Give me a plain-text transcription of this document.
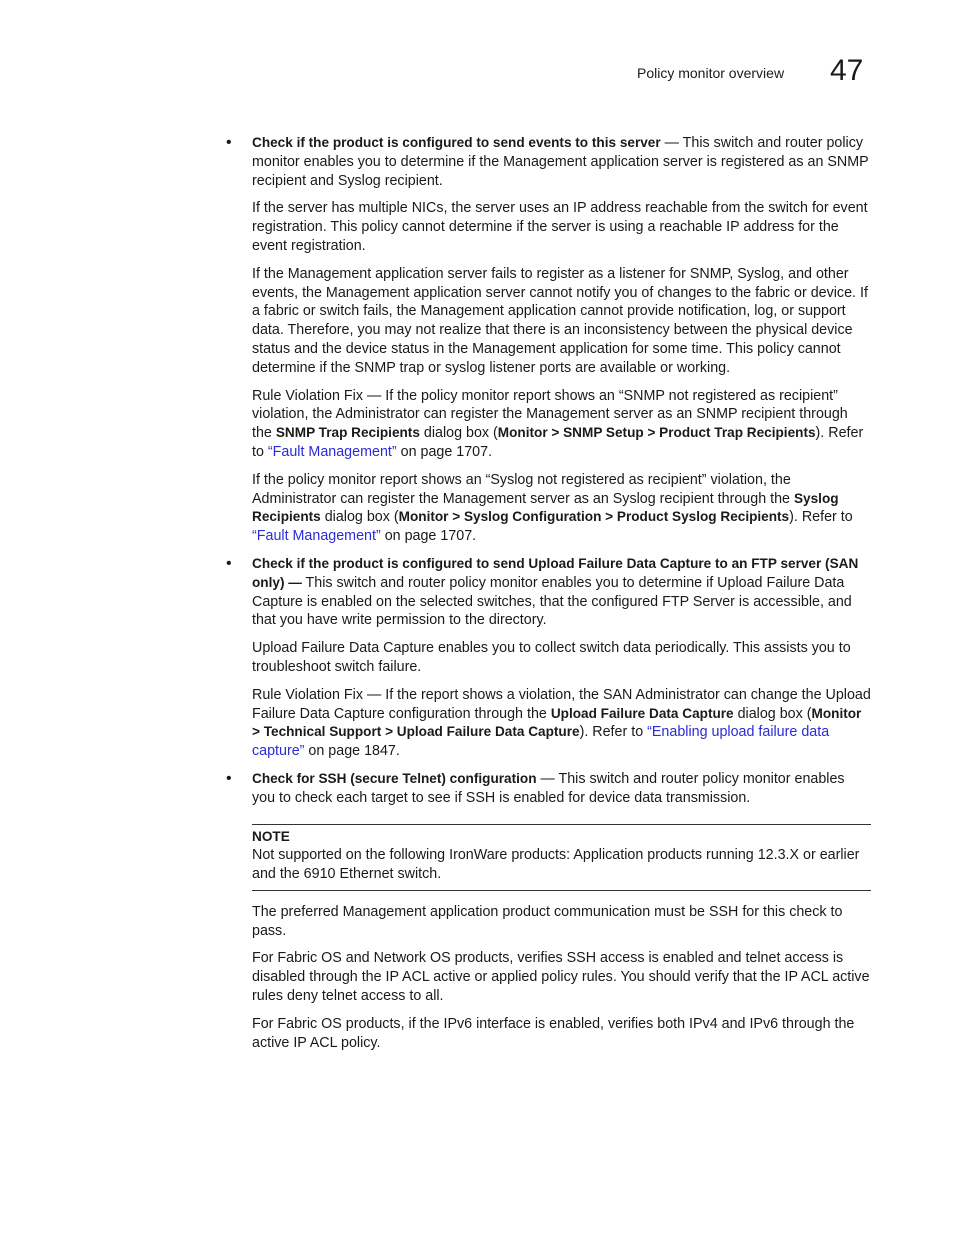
Policy monitor overview 47
• Check if the product is configured to send events to this server — This switch and router policy monitor enables you to determine if the Management application server is registered as an SNMP recipient and Syslog recipient.

If the server has multiple NICs, the server uses an IP address reachable from the switch for event registration. This policy cannot determine if the server is using a reachable IP address for the event registration.

If the Management application server fails to register as a listener for SNMP, Syslog, and other events, the Management application server cannot notify you of changes to the fabric or device. If a fabric or switch fails, the Management application cannot provide notification, log, or support data. Therefore, you may not realize that there is an inconsistency between the physical device status and the device status in the Management application for some time. This policy cannot determine if the SNMP trap or syslog listener ports are available or working.

Rule Violation Fix — If the policy monitor report shows an “SNMP not registered as recipient” violation, the Administrator can register the Management server as an SNMP recipient through the SNMP Trap Recipients dialog box (Monitor > SNMP Setup > Product Trap Recipients). Refer to “Fault Management” on page 1707.

If the policy monitor report shows an “Syslog not registered as recipient” violation, the Administrator can register the Management server as an Syslog recipient through the Syslog Recipients dialog box (Monitor > Syslog Configuration > Product Syslog Recipients). Refer to “Fault Management” on page 1707.

• Check if the product is configured to send Upload Failure Data Capture to an FTP server (SAN only) — This switch and router policy monitor enables you to determine if Upload Failure Data Capture is enabled on the selected switches, that the configured FTP Server is accessible, and that you have write permission to the directory.

Upload Failure Data Capture enables you to collect switch data periodically. This assists you to troubleshoot switch failure.

Rule Violation Fix — If the report shows a violation, the SAN Administrator can change the Upload Failure Data Capture configuration through the Upload Failure Data Capture dialog box (Monitor > Technical Support > Upload Failure Data Capture). Refer to “Enabling upload failure data capture” on page 1847.

• Check for SSH (secure Telnet) configuration — This switch and router policy monitor enables you to check each target to see if SSH is enabled for device data transmission.
NOTE
Not supported on the following IronWare products: Application products running 12.3.X or earlier and the 6910 Ethernet switch.

The preferred Management application product communication must be SSH for this check to pass.

For Fabric OS and Network OS products, verifies SSH access is enabled and telnet access is disabled through the IP ACL active or applied policy rules. You should verify that the IP ACL active rules deny telnet access to all.

For Fabric OS products, if the IPv6 interface is enabled, verifies both IPv4 and IPv6 through the active IP ACL policy.
